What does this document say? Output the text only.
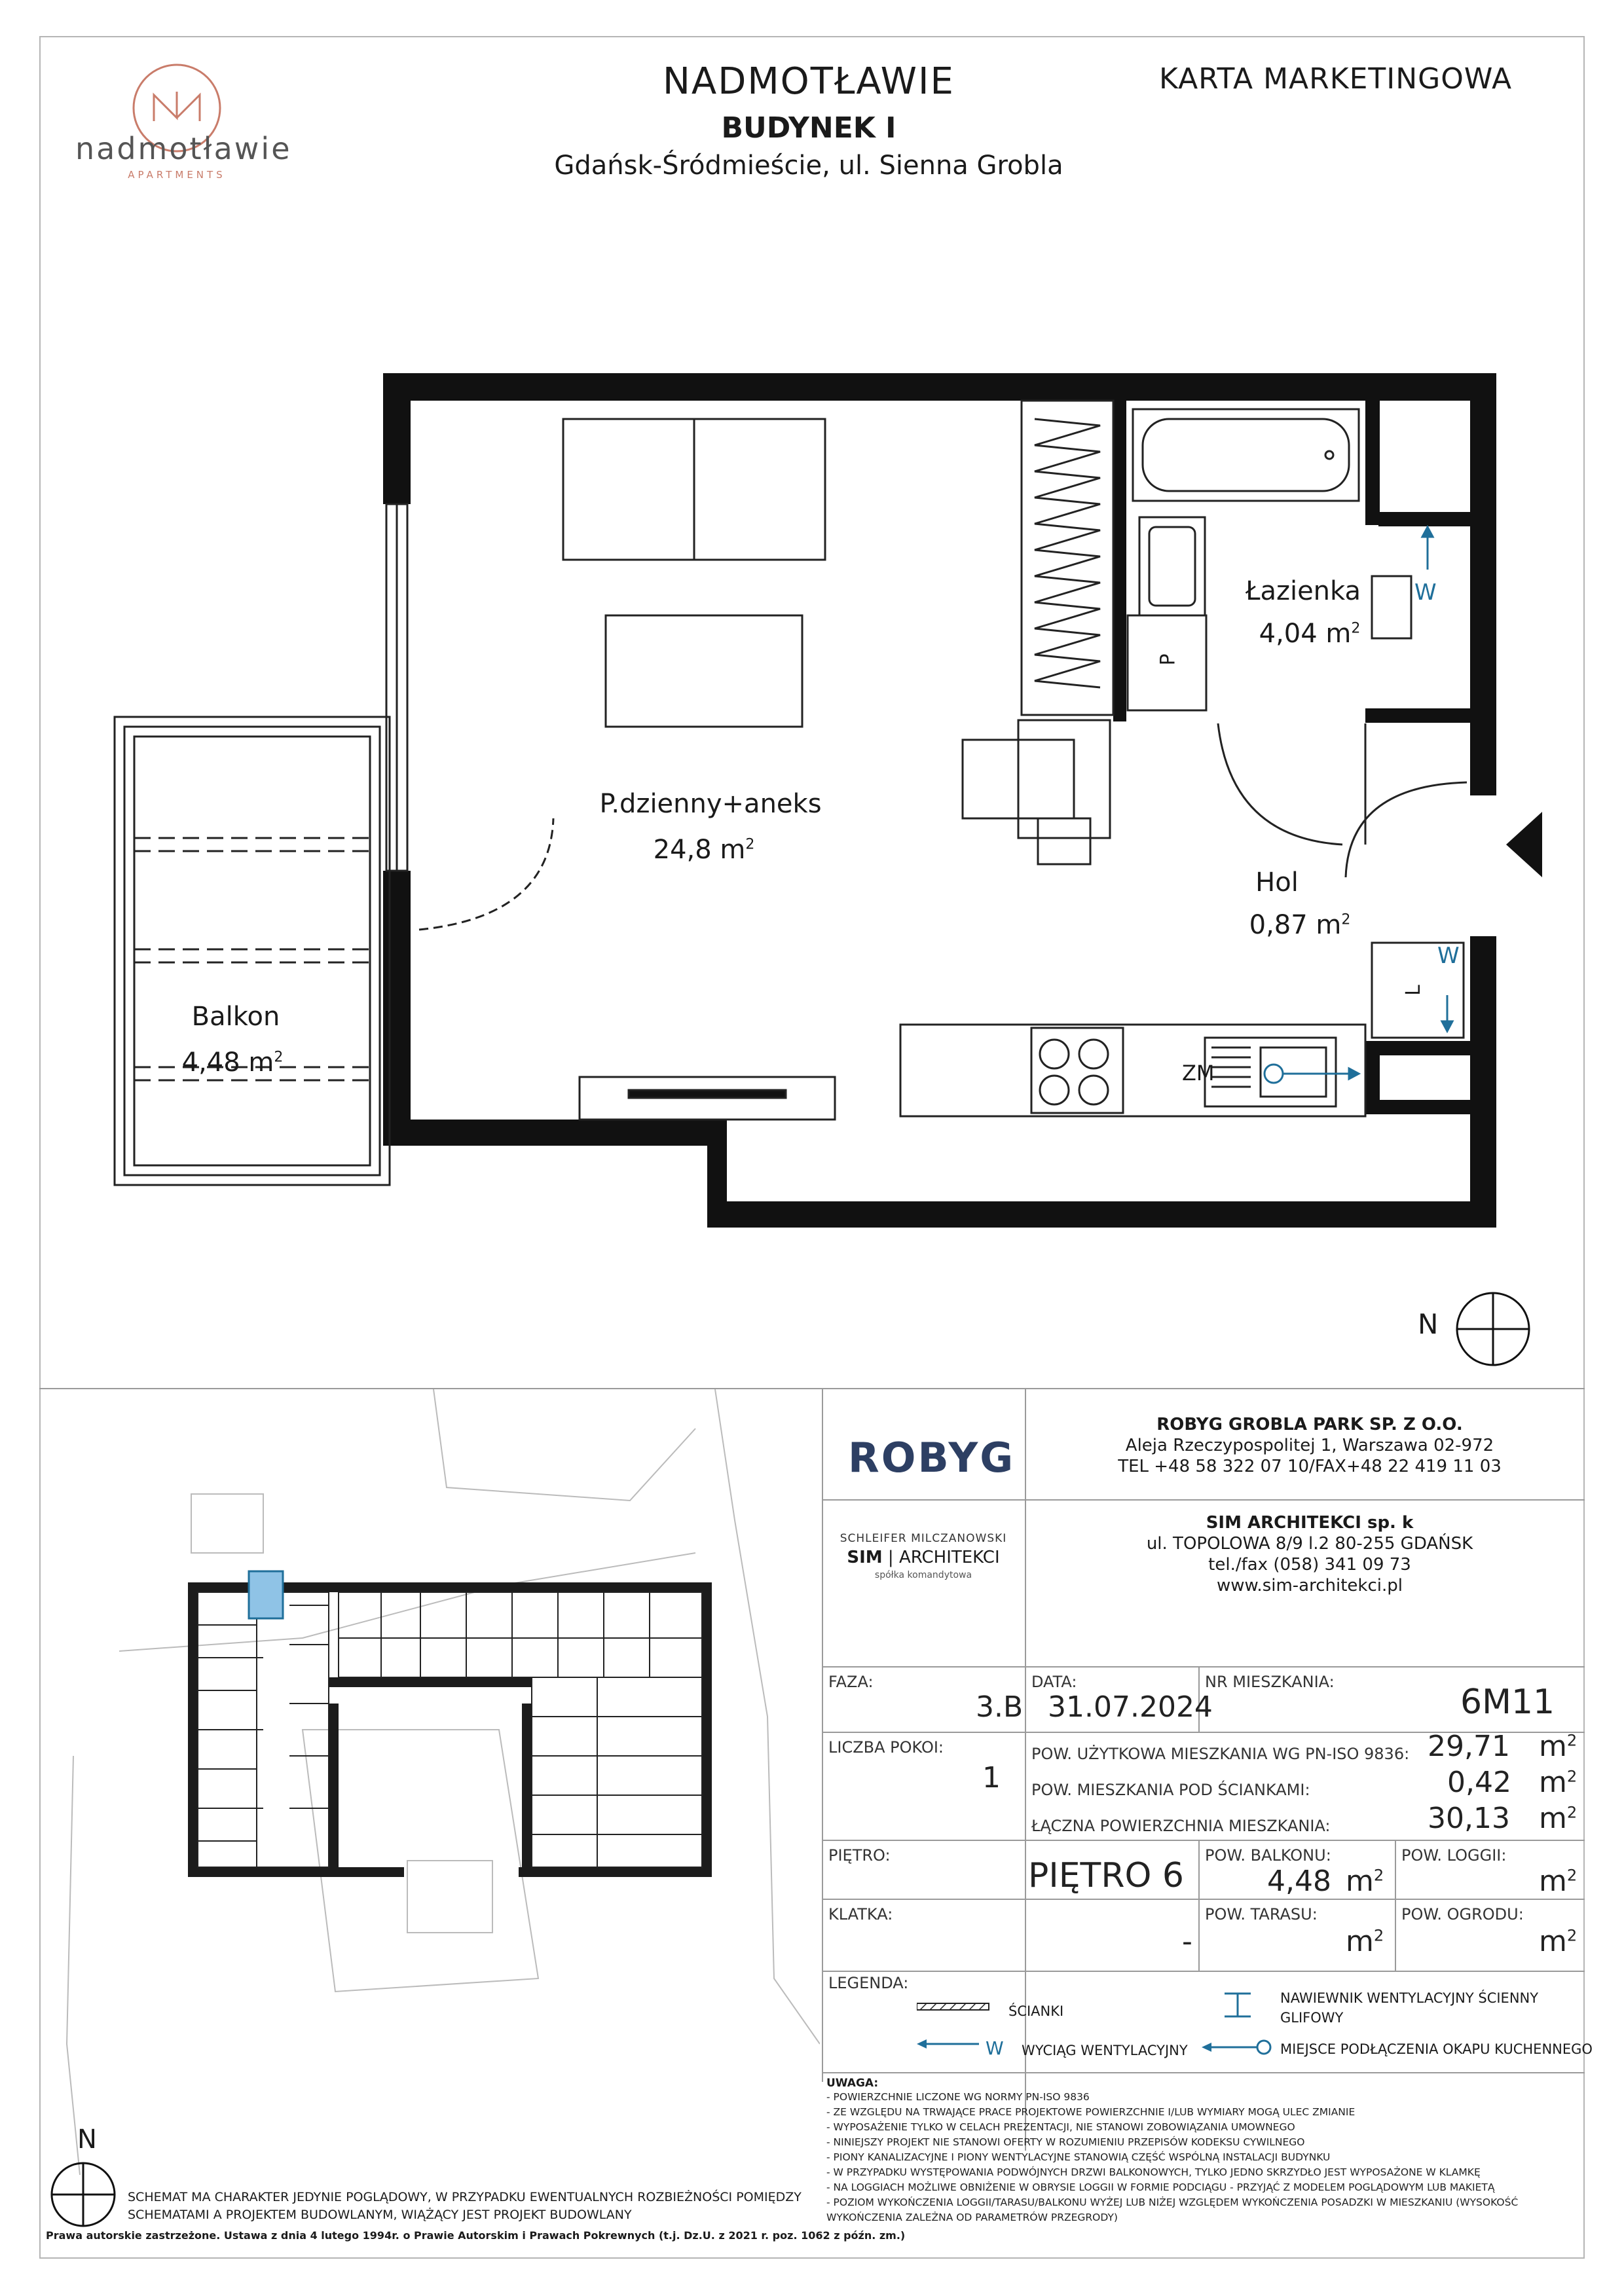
nadmotławie
APARTMENTS
NADMOTŁAWIE
BUDYNEK I
Gdańsk-Śródmieście, ul. Sienna Grobla
KARTA MARKETINGOWA
Łazienka
4,04 $m^2$
P.dzienny+aneks
24,8 $m^2$
Hol
0,87 $m^2$
Balkon
4,48 $m^2$
W
W
P
L
ZM
N
N
SCHEMAT MA CHARAKTER JEDYNIE POGLĄDOWY, W PRZYPADKU EWENTUALNYCH ROZBIEŻNOŚCI POMIĘDZY
SCHEMATAMI A PROJEKTEM BUDOWLANYM, WIĄŻĄCY JEST PROJEKT BUDOWLANY
Prawa autorskie zastrzeżone. Ustawa z dnia 4 lutego 1994r. o Prawie Autorskim i Prawach Pokrewnych (t.j. Dz.U. z 2021 r. poz. 1062 z późn. zm.)
ROBYG
ROBYG GROBLA PARK SP. Z O.O.
Aleja Rzeczypospolitej 1, Warszawa 02-972
TEL +48 58 322 07 10/FAX+48 22 419 11 03
SCHLEIFER MILCZANOWSKI
SIM | ARCHITEKCI
spółka komandytowa
SIM ARCHITEKCI sp. k
ul. TOPOLOWA 8/9 l.2 80-255 GDAŃSK
tel./fax (058) 341 09 73
www.sim-architekci.pl
FAZA:
3.B
DATA:
31.07.2024
NR MIESZKANIA:
6M11
LICZBA POKOI:
1
POW. UŻYTKOWA MIESZKANIA WG PN-ISO 9836: 29,71 $m^2$
POW. MIESZKANIA POD ŚCIANKAMI:	0,42 $m^2$
ŁĄCZNA POWIERZCHNIA MIESZKANIA:	30,13 $m^2$
PIĘTRO:
PIĘTRO 6
POW. BALKONU:
4,48 $m^2$
POW. LOGGII:
$m^2$
KLATKA:
-
POW. TARASU:
$m^2$
POW. OGRODU:
$m^2$
LEGENDA:
ŚCIANKI
W WYCIĄG WENTYLACYJNY
NAWIEWNIK WENTYLACYJNY ŚCIENNY
GLIFOWY
MIEJSCE PODŁĄCZENIA OKAPU KUCHENNEGO
UWAGA:
- POWIERZCHNIE LICZONE WG NORMY PN-ISO 9836
- ZE WZGLĘDU NA TRWAJĄCE PRACE PROJEKTOWE POWIERZCHNIE I/LUB WYMIARY MOGĄ ULEC ZMIANIE
- WYPOSAŻENIE TYLKO W CELACH PREZENTACJI, NIE STANOWI ZOBOWIĄZANIA UMOWNEGO
- NINIEJSZY PROJEKT NIE STANOWI OFERTY W ROZUMIENIU PRZEPISÓW KODEKSU CYWILNEGO
- PIONY KANALIZACYJNE I PIONY WENTYLACYJNE STANOWIĄ CZĘŚĆ WSPÓLNĄ INSTALACJI BUDYNKU
- W PRZYPADKU WYSTĘPOWANIA PODWÓJNYCH DRZWI BALKONOWYCH, TYLKO JEDNO SKRZYDŁO JEST WYPOSAŻONE W KLAMKĘ
- NA LOGGIACH MOŻLIWE OBNIŻENIE W OBRYSIE LOGGII W FORMIE PODCIĄGU - PRZYJĄĆ Z MODELEM POGLĄDOWYM LUB MAKIETĄ
- POZIOM WYKOŃCZENIA LOGGII/TARASU/BALKONU WYŻEJ LUB NIŻEJ WZGLĘDEM WYKOŃCZENIA POSADZKI W MIESZKANIU (WYSOKOŚĆ
WYKOŃCZENIA ZALEŻNA OD PARAMETRÓW PRZEGRODY)
